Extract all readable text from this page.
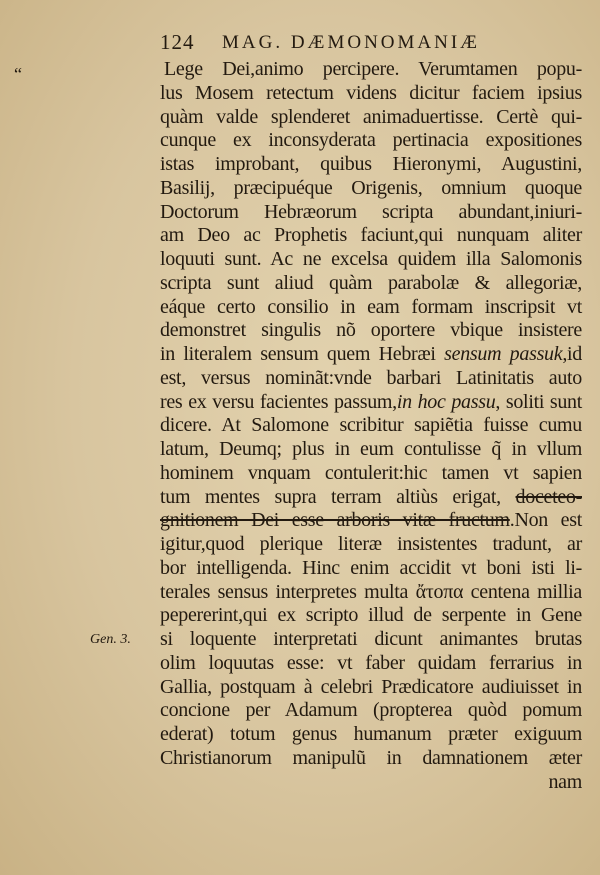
124 MAG. DÆMONOMANIÆ
“
Gen. 3.
Lege Dei,animo percipere. Verumtamen popu-
lus Mosem retectum videns dicitur faciem ipsius
quàm valde splenderet animaduertisse. Certè qui-
cunque ex inconsyderata pertinacia expositiones
istas improbant, quibus Hieronymi, Augustini,
Basilij, præcipuéque Origenis, omnium quoque
Doctorum Hebræorum scripta abundant,iniuri-
am Deo ac Prophetis faciunt,qui nunquam aliter
loquuti sunt. Ac ne excelsa quidem illa Salomonis
scripta sunt aliud quàm parabolæ & allegoriæ,
eáque certo consilio in eam formam inscripsit vt
demonstret singulis nõ oportere vbique insistere
in literalem sensum quem Hebræi sensum passuk,id
est, versus nominãt:vnde barbari Latinitatis auto
res ex versu facientes passum,in hoc passu, soliti sunt
dicere. At Salomone scribitur sapiẽtia fuisse cumu
latum, Deumq; plus in eum contulisse q̃ in vllum
hominem vnquam contulerit:hic tamen vt sapien
tum mentes supra terram altiùs erigat, doceteo-
gnitionem Dei esse arboris vitæ fructum.Non est
igitur,quod plerique literæ insistentes tradunt, ar
bor intelligenda. Hinc enim accidit vt boni isti li-
terales sensus interpretes multa ἄτοπα centena millia
pepererint,qui ex scripto illud de serpente in Gene
si loquente interpretati dicunt animantes brutas
olim loquutas esse: vt faber quidam ferrarius in
Gallia, postquam à celebri Prædicatore audiuisset in
concione per Adamum (propterea quòd pomum
ederat) totum genus humanum præter exiguum
Christianorum manipulũ in damnationem æter
nam
